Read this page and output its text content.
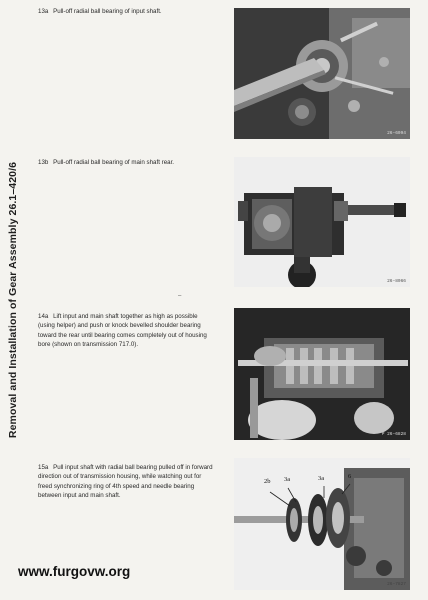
Removal and Installation of Gear Assembly 26.1–420/6
13a Pull-off radial ball bearing of input shaft.
26–6094
13b Pull-off radial ball bearing of main shaft rear.
26–8066
–
14a Lift input and main shaft together as high as possible (using helper) and push or knock bevelled shoulder bearing toward the rear until bearing comes completely out of housing bore (shown on transmission 717.0).
P 26–6828
15a Pull input shaft with radial ball bearing pulled off in forward direction out of transmission housing, while watching out for freed synchronizing ring of 4th speed and needle bearing between input and main shaft.
2b 3a	3a	6
26–7827
www.furgovw.org
